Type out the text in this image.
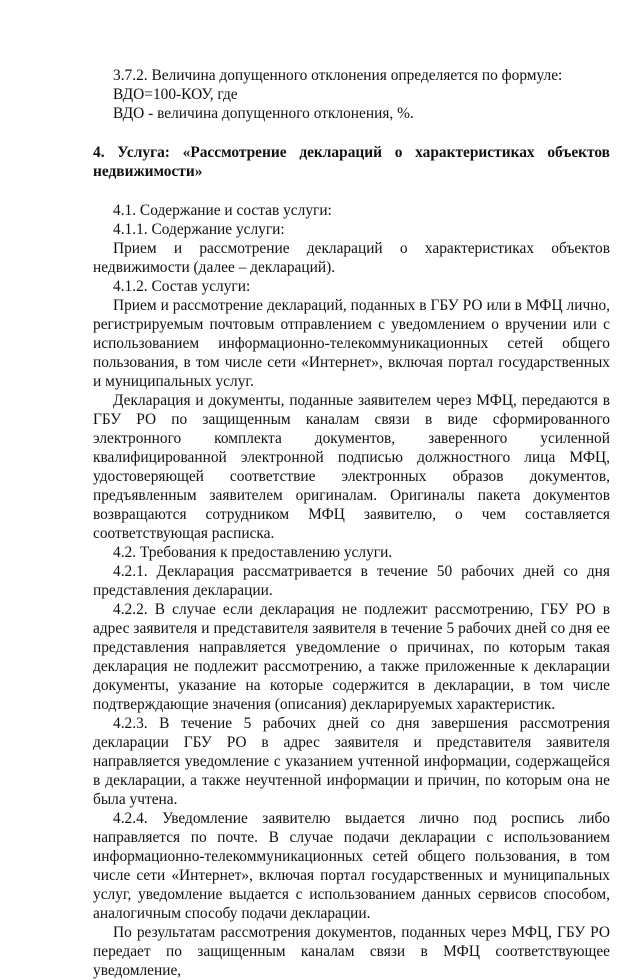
3.7.2. Величина допущенного отклонения определяется по формуле:

ВДО=100-КОУ, где

ВДО - величина допущенного отклонения, %.

4. Услуга: «Рассмотрение деклараций о характеристиках объектов недвижимости»

4.1. Содержание и состав услуги:

4.1.1. Содержание услуги:

Прием и рассмотрение деклараций о характеристиках объектов недвижимости (далее – деклараций).

4.1.2. Состав услуги:

Прием и рассмотрение деклараций, поданных в ГБУ РО или в МФЦ лично, регистрируемым почтовым отправлением с уведомлением о вручении или с использованием информационно-телекоммуникационных сетей общего пользования, в том числе сети «Интернет», включая портал государственных и муниципальных услуг.

Декларация и документы, поданные заявителем через МФЦ, передаются в ГБУ РО по защищенным каналам связи в виде сформированного электронного комплекта документов, заверенного усиленной квалифицированной электронной подписью должностного лица МФЦ, удостоверяющей соответствие электронных образов документов, предъявленным заявителем оригиналам. Оригиналы пакета документов возвращаются сотрудником МФЦ заявителю, о чем составляется соответствующая расписка.

4.2. Требования к предоставлению услуги.

4.2.1. Декларация рассматривается в течение 50 рабочих дней со дня представления декларации.

4.2.2. В случае если декларация не подлежит рассмотрению, ГБУ РО в адрес заявителя и представителя заявителя в течение 5 рабочих дней со дня ее представления направляется уведомление о причинах, по которым такая декларация не подлежит рассмотрению, а также приложенные к декларации документы, указание на которые содержится в декларации, в том числе подтверждающие значения (описания) декларируемых характеристик.

4.2.3. В течение 5 рабочих дней со дня завершения рассмотрения декларации ГБУ РО в адрес заявителя и представителя заявителя направляется уведомление с указанием учтенной информации, содержащейся в декларации, а также неучтенной информации и причин, по которым она не была учтена.

4.2.4. Уведомление заявителю выдается лично под роспись либо направляется по почте. В случае подачи декларации с использованием информационно-телекоммуникационных сетей общего пользования, в том числе сети «Интернет», включая портал государственных и муниципальных услуг, уведомление выдается с использованием данных сервисов способом, аналогичным способу подачи декларации.

По результатам рассмотрения документов, поданных через МФЦ, ГБУ РО передает по защищенным каналам связи в МФЦ соответствующее уведомление,
